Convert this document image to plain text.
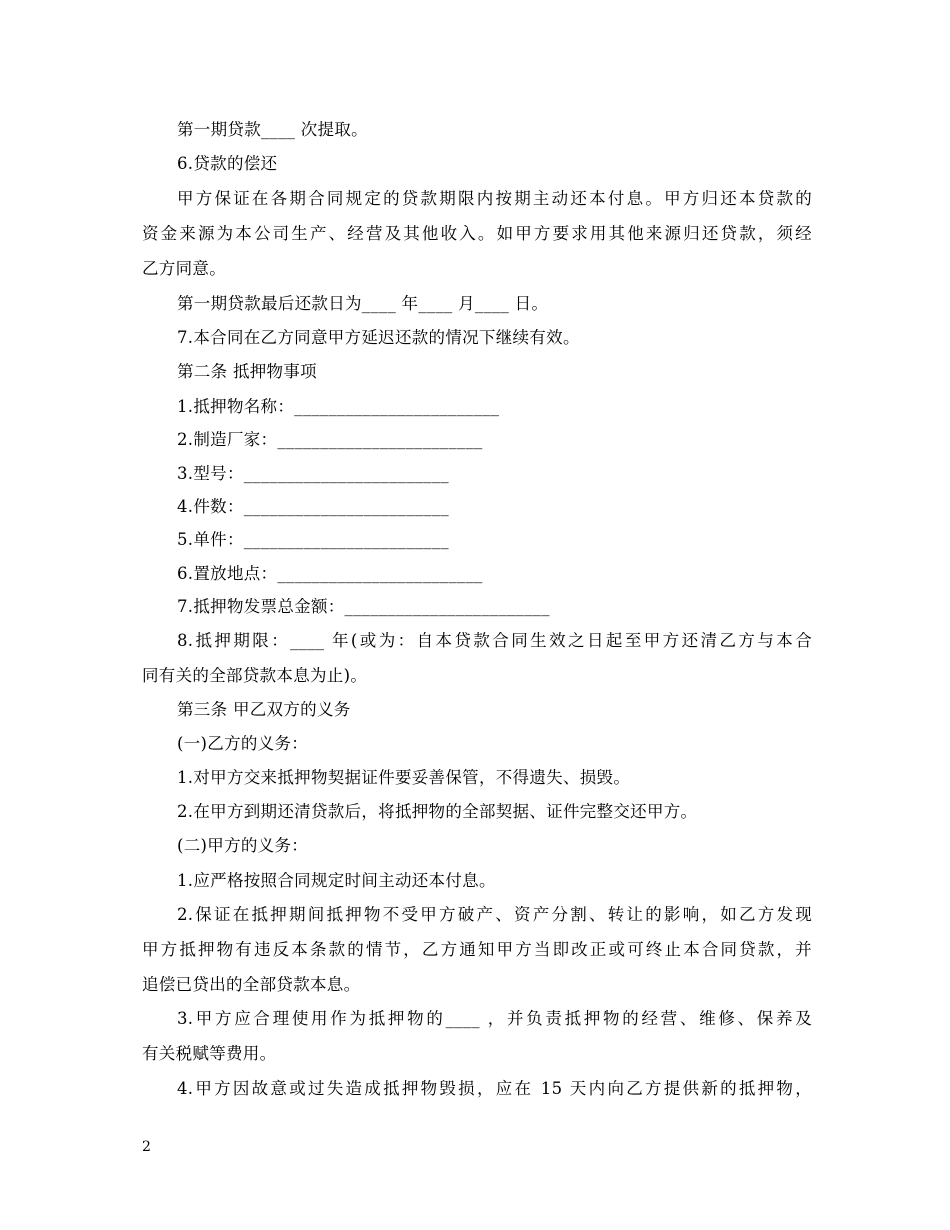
第一期贷款____ 次提取。
6.贷款的偿还
甲方保证在各期合同规定的贷款期限内按期主动还本付息。甲方归还本贷款的
资金来源为本公司生产、经营及其他收入。如甲方要求用其他来源归还贷款，须经
乙方同意。
第一期贷款最后还款日为____ 年____ 月____ 日。
7.本合同在乙方同意甲方延迟还款的情况下继续有效。
第二条 抵押物事项
1.抵押物名称：________________________
2.制造厂家：________________________
3.型号：________________________
4.件数：________________________
5.单件：________________________
6.置放地点：________________________
7.抵押物发票总金额：________________________
8.抵押期限：____ 年(或为：自本贷款合同生效之日起至甲方还清乙方与本合
同有关的全部贷款本息为止)。
第三条 甲乙双方的义务
(一)乙方的义务：
1.对甲方交来抵押物契据证件要妥善保管，不得遗失、损毁。
2.在甲方到期还清贷款后，将抵押物的全部契据、证件完整交还甲方。
(二)甲方的义务：
1.应严格按照合同规定时间主动还本付息。
2.保证在抵押期间抵押物不受甲方破产、资产分割、转让的影响，如乙方发现
甲方抵押物有违反本条款的情节，乙方通知甲方当即改正或可终止本合同贷款，并
追偿已贷出的全部贷款本息。
3.甲方应合理使用作为抵押物的____ ，并负责抵押物的经营、维修、保养及
有关税赋等费用。
4.甲方因故意或过失造成抵押物毁损，应在 15 天内向乙方提供新的抵押物，
2
